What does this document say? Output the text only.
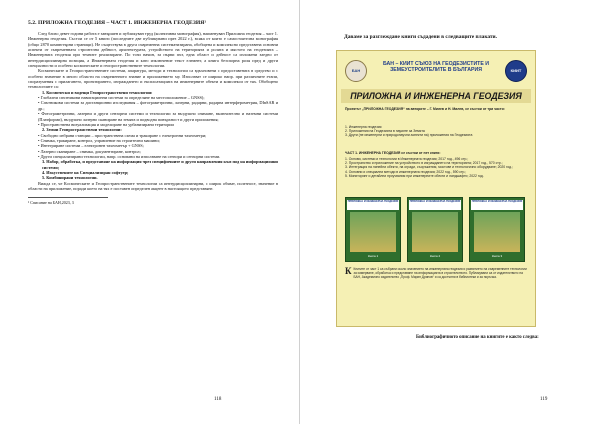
5.2. ПРИЛОЖНА ГЕОДЕЗИЯ – ЧАСТ 1. ИНЖЕНЕРНА ГЕОДЕЗИЯ¹

След близо девет години работа е завършен и публикуван труд (колективна монография), наименуван Приложна геодезия – част 1. Инженерна геодезия. Състои се от 5 книги (последните две публикувани през 2022 г.), всяка от които е самостоятелна монография (общо 2870 компютърни страници). Не съществува в друга съвременна систематизирана, обобщена и комплексно представена основни аспекти от съвременната строителна дейност, архитектурата, устройството на територията и ролята и мястото на геодезията – Инженерната геодезия при техните реализиране. По този начин, за първи път, една област и дейност са изложени заедно от интердисциплинарна позиция, а Инженерната геодезия и като изключение текст елемент, а книга безспорна роля пред и други специалности и особено космическите и геопространствените технологии.

Космическите и Геопространствените системи, апаратура, методи и технологии са вдъхновени с предоставената в средство и с особено значение в много области на съвременното знание и приложението му. Използват се широко напр. при различните етапи, споразумения с прилагането, проектирането, изграждането и експлоатацията на инженерните обекти и комплекси от тях. Обобщено технологиите са:

1. Космически и водещи Геопространствени технологии:

• Глобални спътникови навигационни системи за определяне на местоположение – GNSS);

• Спътникови системи за дистанционни изследвания – фотограметрични, лазерни, радарни, радарна интерферометрия, DInSAR и др.;

• Фотограметрични, лазерни и други сензорни системи и технологии за въздушно снимане, включително и наземни системи (Платформи), въздушно лазерно сканиране на земята и подводна повърхност и други приложения;

• Пространствена визуализация и моделиране на урбанизирани територии

2. Земни Геопространствени технологии:

• Свободно избрани станции – пространствена схема и тракиране с електронни тахеометри;

• Снимка, тракиране, контрол, управление на строителни машини;

• Интегриране системи – електронен тахеометър + GNSS;

• Лазерно сканиране – снимка, документиране, контрол;

• Други специализирани технологии, напр. основани на използване на сензори и сензорни системи.

3. Набор, обработка, и представяне на информация чрез специфичните и други направления към под на информационни системи;

4. Изкуствените на Специализиран софтуер;

5. Комбинирани технологии.

Вижда се, че Космическите и Геопространствените технологии са интердисциплинарни, с широк обхват, полезност, значение в области на приложение, поради което на тях е поставен определен акцент в настоящото представяне.

¹ Списание на БАН,2023, 3

118
Даваме за разглеждане книги съдадени в следващите плакати.
БАН	КИИТ
БАН – КИИТ СЪЮЗ НА ГЕОДЕЗИСТИТЕ И ЗЕМЕУСТРОИТЕЛИТЕ В БЪЛГАРИЯ
ПРИЛОЖНА И ИНЖЕНЕРНА ГЕОДЕЗИЯ
Проектът „ПРИЛОЖНА ГЕОДЕЗИЯ“ на авторите – Г. Милев и Н. Милев, се състои от три части:
1. Инженерна геодезия
2. Приложения на Геодезията в науките за Земята
3. Други (не инженерни и природонаучни аспекти на) приложения на Геодезията
ЧАСТ 1. ИНЖЕНЕРНА ГЕОДЕЗИЯ се състои от пет книги:
1. Основи, системи и технологии в Инженерната геодезия; 2017 год., 496 стр.;
2. Пространство и приложение на устройството в изграждането на територията; 2017 год., 570 стр.;
3. Интеграция на линейни обекти, на огради, съоръжения, мостове и технологично оборудване; 2020 год.;
4. Основни и специални методи в инженерната геодезия; 2022 год., 590 стр.;
5. Мониторинг и детайлни проучвания при инженерните обекти и ландшафти; 2022 год.
ПРИЛОЖНА И ИНЖЕНЕРНА ГЕОДЕЗИЯ
Книга 1
ПРИЛОЖНА И ИНЖЕНЕРНА ГЕОДЕЗИЯ
Книга 2
ПРИЛОЖНА И ИНЖЕНЕРНА ГЕОДЕЗИЯ
Книга 3
К Книгите от част 1 са събрани около значението на инженерната геодезия и развитието на съвременните технологии за измерване, обработка и представяне на информацията в строителството. Публикувани са от издателството на БАН, Академично издателство „Проф. Марин Дринов“ и са достъпни в библиотеки и за поръчка.
Библиографичното описание на книгите е както следва:
119
